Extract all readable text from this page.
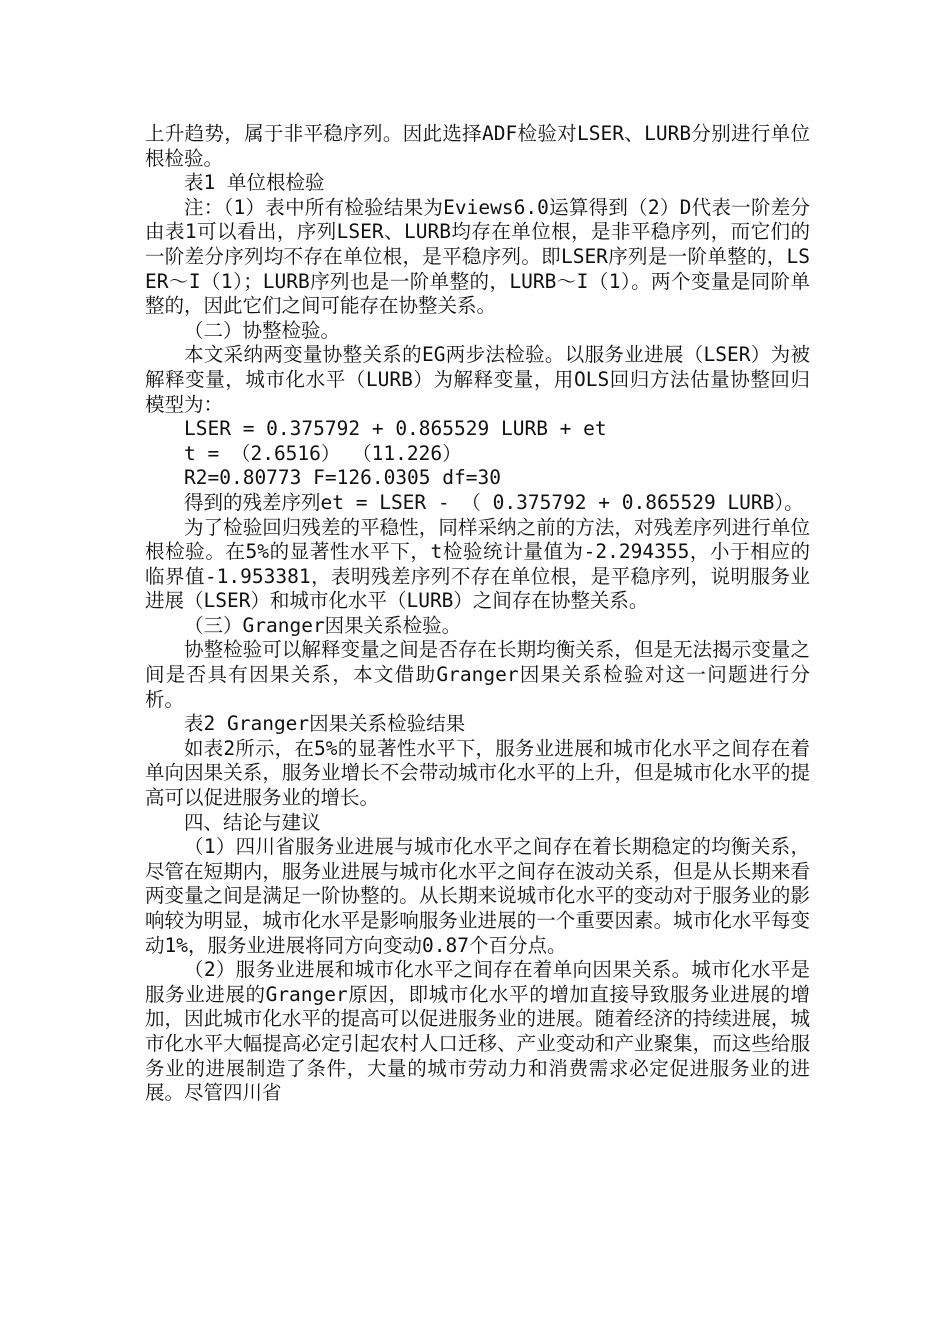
上升趋势，属于非平稳序列。因此选择ADF检验对LSER、LURB分别进行单位根检验。

表1 单位根检验

注：（1）表中所有检验结果为Eviews6.0运算得到（2）D代表一阶差分由表1可以看出，序列LSER、LURB均存在单位根，是非平稳序列，而它们的一阶差分序列均不存在单位根，是平稳序列。即LSER序列是一阶单整的，LSER～I（1）；LURB序列也是一阶单整的，LURB～I（1）。两个变量是同阶单整的，因此它们之间可能存在协整关系。

（二）协整检验。

本文采纳两变量协整关系的EG两步法检验。以服务业进展（LSER）为被解释变量，城市化水平（LURB）为解释变量，用OLS回归方法估量协整回归模型为：

LSER = 0.375792 + 0.865529 LURB + et

t = （2.6516） （11.226）

R2=0.80773 F=126.0305 df=30

得到的残差序列et = LSER - （ 0.375792 + 0.865529 LURB）。

为了检验回归残差的平稳性，同样采纳之前的方法，对残差序列进行单位根检验。在5%的显著性水平下，t检验统计量值为-2.294355，小于相应的临界值-1.953381，表明残差序列不存在单位根，是平稳序列，说明服务业进展（LSER）和城市化水平（LURB）之间存在协整关系。

（三）Granger因果关系检验。

协整检验可以解释变量之间是否存在长期均衡关系，但是无法揭示变量之间是否具有因果关系，本文借助Granger因果关系检验对这一问题进行分析。

表2 Granger因果关系检验结果

如表2所示，在5%的显著性水平下，服务业进展和城市化水平之间存在着单向因果关系，服务业增长不会带动城市化水平的上升，但是城市化水平的提高可以促进服务业的增长。

四、结论与建议

（1）四川省服务业进展与城市化水平之间存在着长期稳定的均衡关系，尽管在短期内，服务业进展与城市化水平之间存在波动关系，但是从长期来看两变量之间是满足一阶协整的。从长期来说城市化水平的变动对于服务业的影响较为明显，城市化水平是影响服务业进展的一个重要因素。城市化水平每变动1%，服务业进展将同方向变动0.87个百分点。

（2）服务业进展和城市化水平之间存在着单向因果关系。城市化水平是服务业进展的Granger原因，即城市化水平的增加直接导致服务业进展的增加，因此城市化水平的提高可以促进服务业的进展。随着经济的持续进展，城市化水平大幅提高必定引起农村人口迁移、产业变动和产业聚集，而这些给服务业的进展制造了条件，大量的城市劳动力和消费需求必定促进服务业的进展。尽管四川省
